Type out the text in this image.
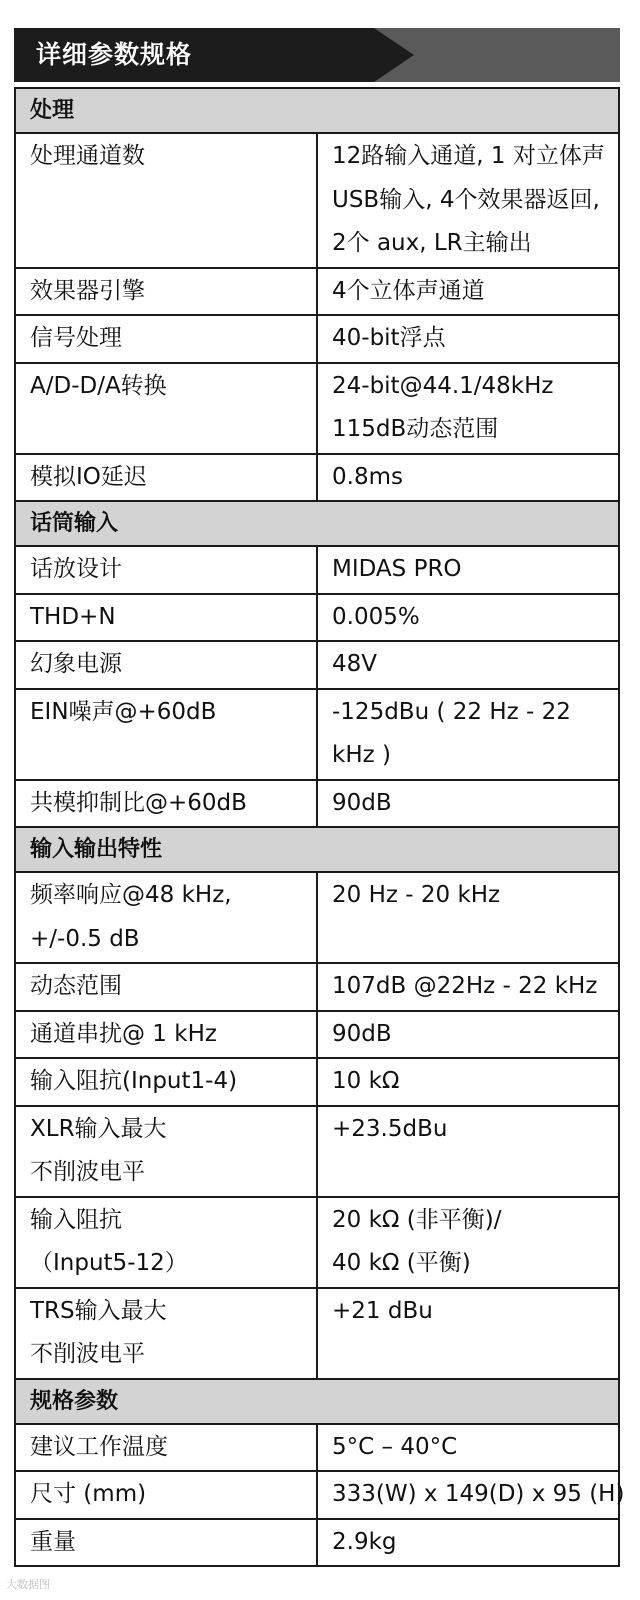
详细参数规格
处理	

处理通道数	12路输入通道, 1 对立体声
USB输入, 4个效果器返回,
2个 aux, LR主输出

效果器引擎	4个立体声通道

信号处理	40-bit浮点

A/D-D/A转换	24-bit@44.1/48kHz
115dB动态范围

模拟IO延迟	0.8ms

话筒输入	

话放设计	MIDAS PRO

THD+N	0.005%

幻象电源	48V

EIN噪声@+60dB	-125dBu ( 22 Hz - 22
kHz )

共模抑制比@+60dB	90dB

输入输出特性	

频率响应@48 kHz,
+/-0.5 dB	20 Hz - 20 kHz

动态范围	107dB @22Hz - 22 kHz

通道串扰@ 1 kHz	90dB

输入阻抗(Input1-4)	10 kΩ

XLR输入最大
不削波电平	+23.5dBu

输入阻抗
（Input5-12）	20 kΩ (非平衡)/
40 kΩ (平衡)

TRS输入最大
不削波电平	+21 dBu

规格参数	

建议工作温度	5°C – 40°C

尺寸 (mm)	333(W) x 149(D) x 95 (H)

重量	2.9kg
大数据图
